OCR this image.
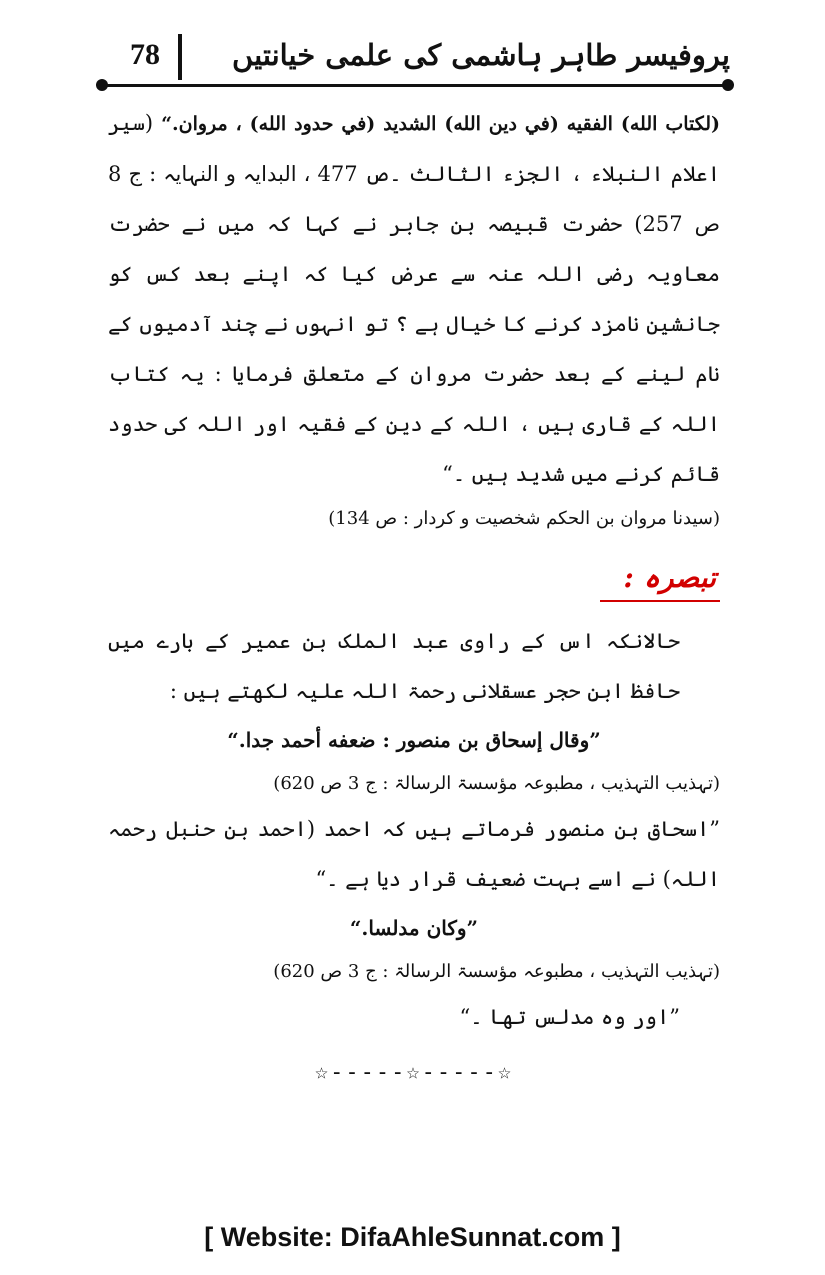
78 پروفیسر طاہر ہاشمی کی علمی خیانتیں

(لكتاب الله) الفقيه (في دين الله) الشديد (في حدود الله) ، مروان.“ (سیر اعلام النبلاء ، الجزء الثالث ۔ص 477 ، البدایہ و النہایہ : ج 8 ص 257) حضرت قبیصہ بن جابر نے کہا کہ میں نے حضرت معاویہ رضی اللہ عنہ سے عرض کیا کہ اپنے بعد کس کو جانشین نامزد کرنے کا خیال ہے ؟ تو انہوں نے چند آدمیوں کے نام لینے کے بعد حضرت مروان کے متعلق فرمایا : یہ کتاب اللہ کے قاری ہیں ، اللہ کے دین کے فقیہ اور اللہ کی حدود قائم کرنے میں شدید ہیں ۔“

(سیدنا مروان بن الحکم شخصیت و کردار : ص 134)

تبصرہ :

حالانکہ اس کے راوی عبد الملک بن عمیر کے بارے میں حافظ ابنِ حجر عسقلانی رحمۃ اللہ علیہ لکھتے ہیں :

”وقال إسحاق بن منصور : ضعفه أحمد جدا.“

(تہذیب التہذیب ، مطبوعہ مؤسسۃ الرسالۃ : ج 3 ص 620)

”اسحاق بن منصور فرماتے ہیں کہ احمد (احمد بن حنبل رحمہ اللہ) نے اسے بہت ضعیف قرار دیا ہے ۔“

”وكان مدلسا.“

(تہذیب التہذیب ، مطبوعہ مؤسسۃ الرسالۃ : ج 3 ص 620)

”اور وہ مدلس تھا ۔“

☆-----☆-----☆
[ Website: DifaAhleSunnat.com ]
